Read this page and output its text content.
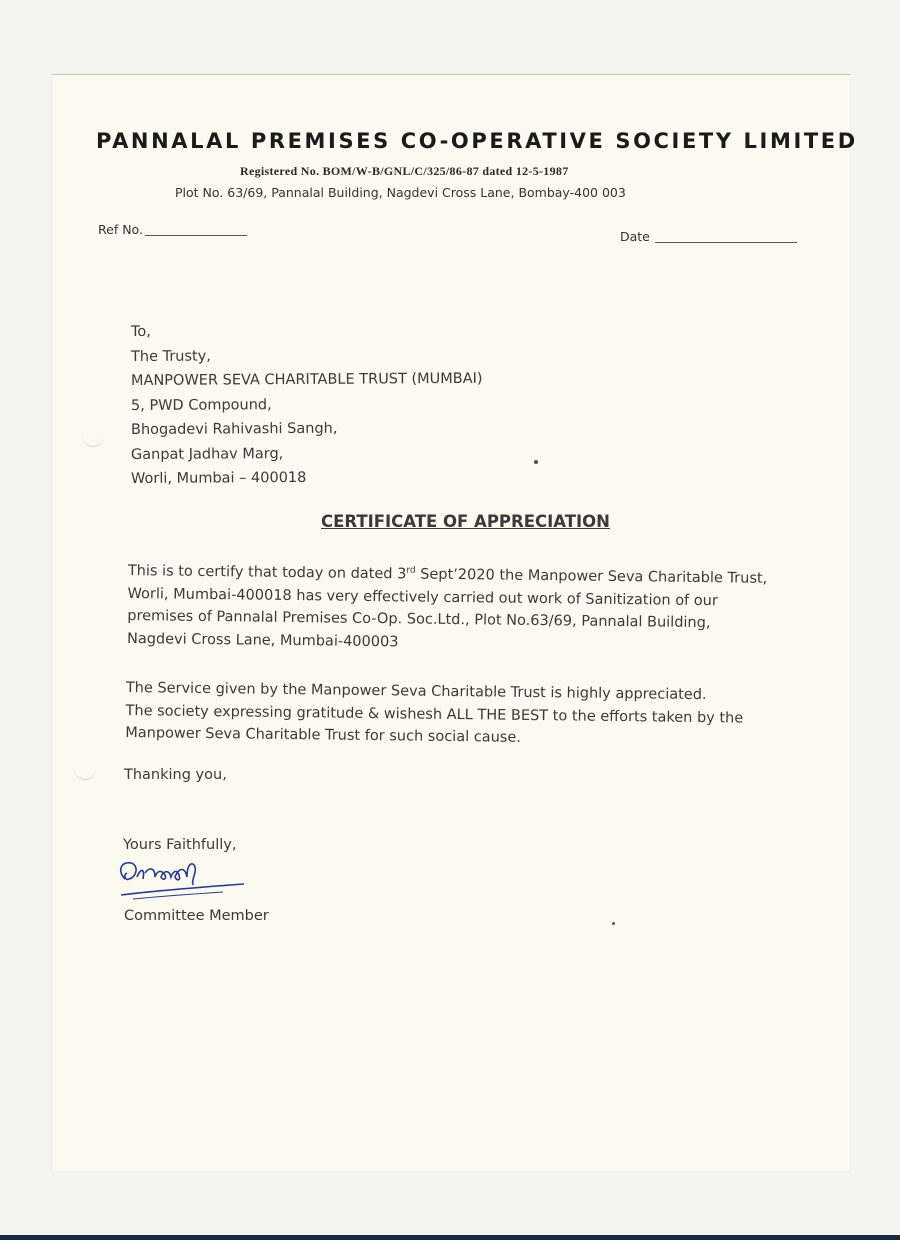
PANNALAL PREMISES CO-OPERATIVE SOCIETY LIMITED
Registered No. BOM/W-B/GNL/C/325/86-87 dated 12-5-1987
Plot No. 63/69, Pannalal Building, Nagdevi Cross Lane, Bombay-400 003
Ref No.	Date
To,
The Trusty,
MANPOWER SEVA CHARITABLE TRUST (MUMBAI)
5, PWD Compound,
Bhogadevi Rahivashi Sangh,
Ganpat Jadhav Marg,
Worli, Mumbai – 400018
CERTIFICATE OF APPRECIATION
This is to certify that today on dated 3rd Sept’2020 the Manpower Seva Charitable Trust,
Worli, Mumbai-400018 has very effectively carried out work of Sanitization of our
premises of Pannalal Premises Co-Op. Soc.Ltd., Plot No.63/69, Pannalal Building,
Nagdevi Cross Lane, Mumbai-400003
The Service given by the Manpower Seva Charitable Trust is highly appreciated.
The society expressing gratitude & wishesh ALL THE BEST to the efforts taken by the
Manpower Seva Charitable Trust for such social cause.
Thanking you,
Yours Faithfully,
Committee Member
